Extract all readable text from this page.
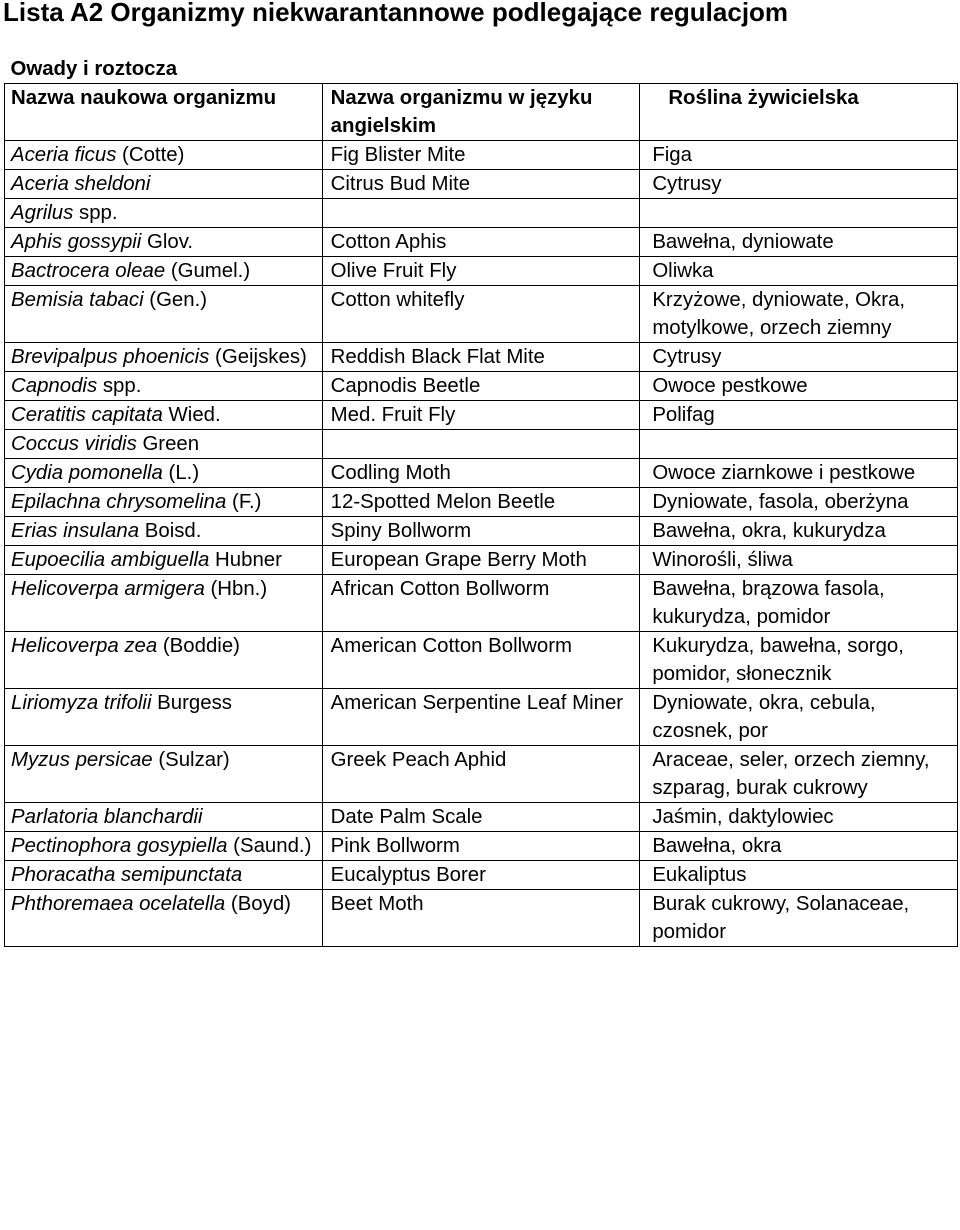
Lista A2 Organizmy niekwarantannowe podlegające regulacjom
Owady i roztocza		
Nazwa naukowa organizmu	Nazwa organizmu w języku angielskim	Roślina żywicielska
Aceria ficus (Cotte)	Fig Blister Mite	Figa
Aceria sheldoni	Citrus Bud Mite	Cytrusy
Agrilus spp.		
Aphis gossypii Glov.	Cotton Aphis	Bawełna, dyniowate
Bactrocera oleae (Gumel.)	Olive Fruit Fly	Oliwka
Bemisia tabaci (Gen.)	Cotton whitefly	Krzyżowe, dyniowate, Okra, motylkowe, orzech ziemny
Brevipalpus phoenicis (Geijskes)	Reddish Black Flat Mite	Cytrusy
Capnodis spp.	Capnodis Beetle	Owoce pestkowe
Ceratitis capitata Wied.	Med. Fruit Fly	Polifag
Coccus viridis Green		
Cydia pomonella (L.)	Codling Moth	Owoce ziarnkowe i pestkowe
Epilachna chrysomelina (F.)	12-Spotted Melon Beetle	Dyniowate, fasola, oberżyna
Erias insulana Boisd.	Spiny Bollworm	Bawełna, okra, kukurydza
Eupoecilia ambiguella Hubner	European Grape Berry Moth	Winorośli, śliwa
Helicoverpa armigera (Hbn.)	African Cotton Bollworm	Bawełna, brązowa fasola, kukurydza, pomidor
Helicoverpa zea (Boddie)	American Cotton Bollworm	Kukurydza, bawełna, sorgo, pomidor, słonecznik
Liriomyza trifolii Burgess	American Serpentine Leaf Miner	Dyniowate, okra, cebula, czosnek, por
Myzus persicae (Sulzar)	Greek Peach Aphid	Araceae, seler, orzech ziemny, szparag, burak cukrowy
Parlatoria blanchardii	Date Palm Scale	Jaśmin, daktylowiec
Pectinophora gosypiella (Saund.)	Pink Bollworm	Bawełna, okra
Phoracatha semipunctata	Eucalyptus Borer	Eukaliptus
Phthoremaea ocelatella (Boyd)	Beet Moth	Burak cukrowy, Solanaceae, pomidor
